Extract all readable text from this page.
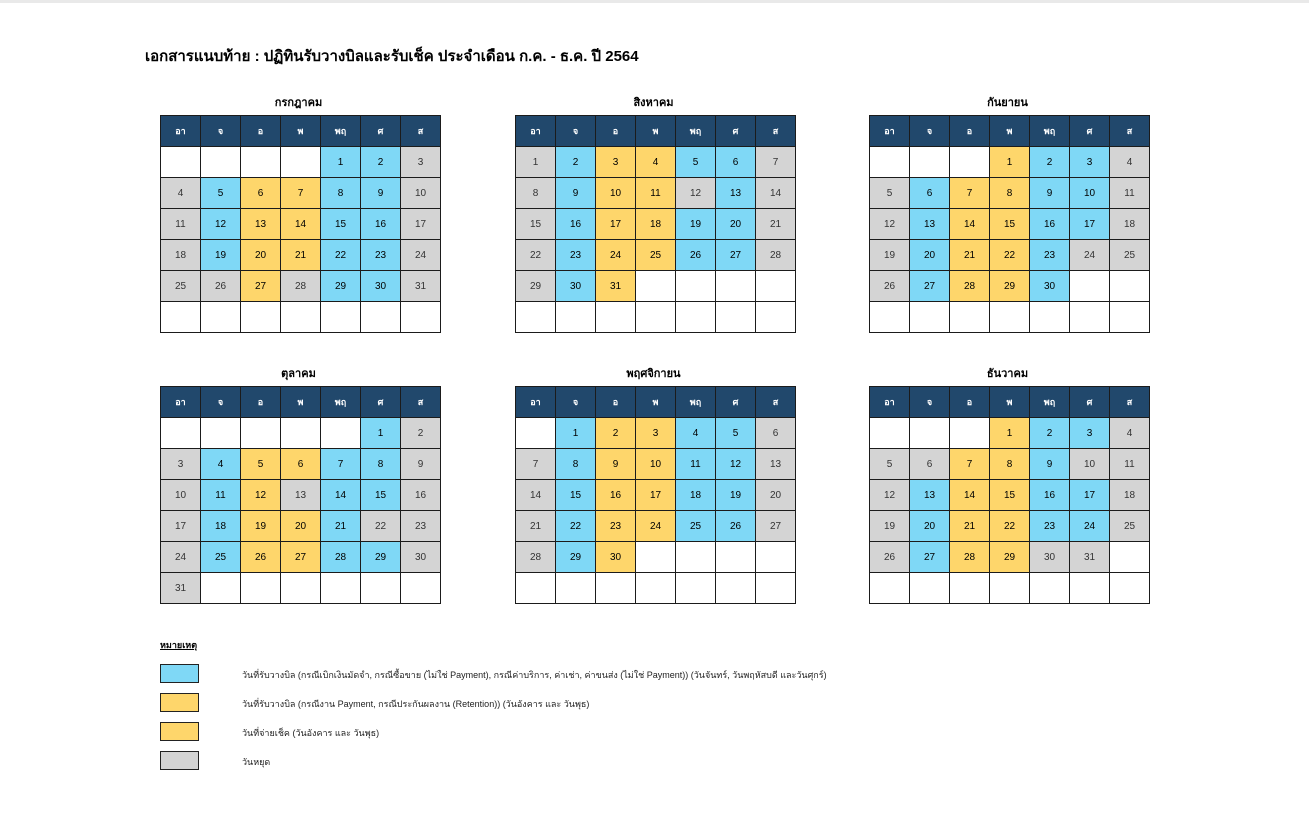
เอกสารแนบท้าย : ปฏิทินรับวางบิลและรับเช็ค ประจำเดือน ก.ค. - ธ.ค. ปี 2564
กรกฎาคม
อา	จ	อ	พ	พฤ	ศ	ส
				1	2	3
4	5	6	7	8	9	10
11	12	13	14	15	16	17
18	19	20	21	22	23	24
25	26	27	28	29	30	31

สิงหาคม
อา	จ	อ	พ	พฤ	ศ	ส
1	2	3	4	5	6	7
8	9	10	11	12	13	14
15	16	17	18	19	20	21
22	23	24	25	26	27	28
29	30	31				

กันยายน
อา	จ	อ	พ	พฤ	ศ	ส
			1	2	3	4
5	6	7	8	9	10	11
12	13	14	15	16	17	18
19	20	21	22	23	24	25
26	27	28	29	30		

ตุลาคม
อา	จ	อ	พ	พฤ	ศ	ส
					1	2
3	4	5	6	7	8	9
10	11	12	13	14	15	16
17	18	19	20	21	22	23
24	25	26	27	28	29	30
31						
พฤศจิกายน
อา	จ	อ	พ	พฤ	ศ	ส
	1	2	3	4	5	6
7	8	9	10	11	12	13
14	15	16	17	18	19	20
21	22	23	24	25	26	27
28	29	30				

ธันวาคม
อา	จ	อ	พ	พฤ	ศ	ส
			1	2	3	4
5	6	7	8	9	10	11
12	13	14	15	16	17	18
19	20	21	22	23	24	25
26	27	28	29	30	31	

หมายเหตุ
วันที่รับวางบิล (กรณีเบิกเงินมัดจำ, กรณีซื้อขาย (ไม่ใช่ Payment), กรณีค่าบริการ, ค่าเช่า, ค่าขนส่ง (ไม่ใช่ Payment)) (วันจันทร์, วันพฤหัสบดี และวันศุกร์)
วันที่รับวางบิล (กรณีงาน Payment, กรณีประกันผลงาน (Retention)) (วันอังคาร และ วันพุธ)
วันที่จ่ายเช็ค (วันอังคาร และ วันพุธ)
วันหยุด
